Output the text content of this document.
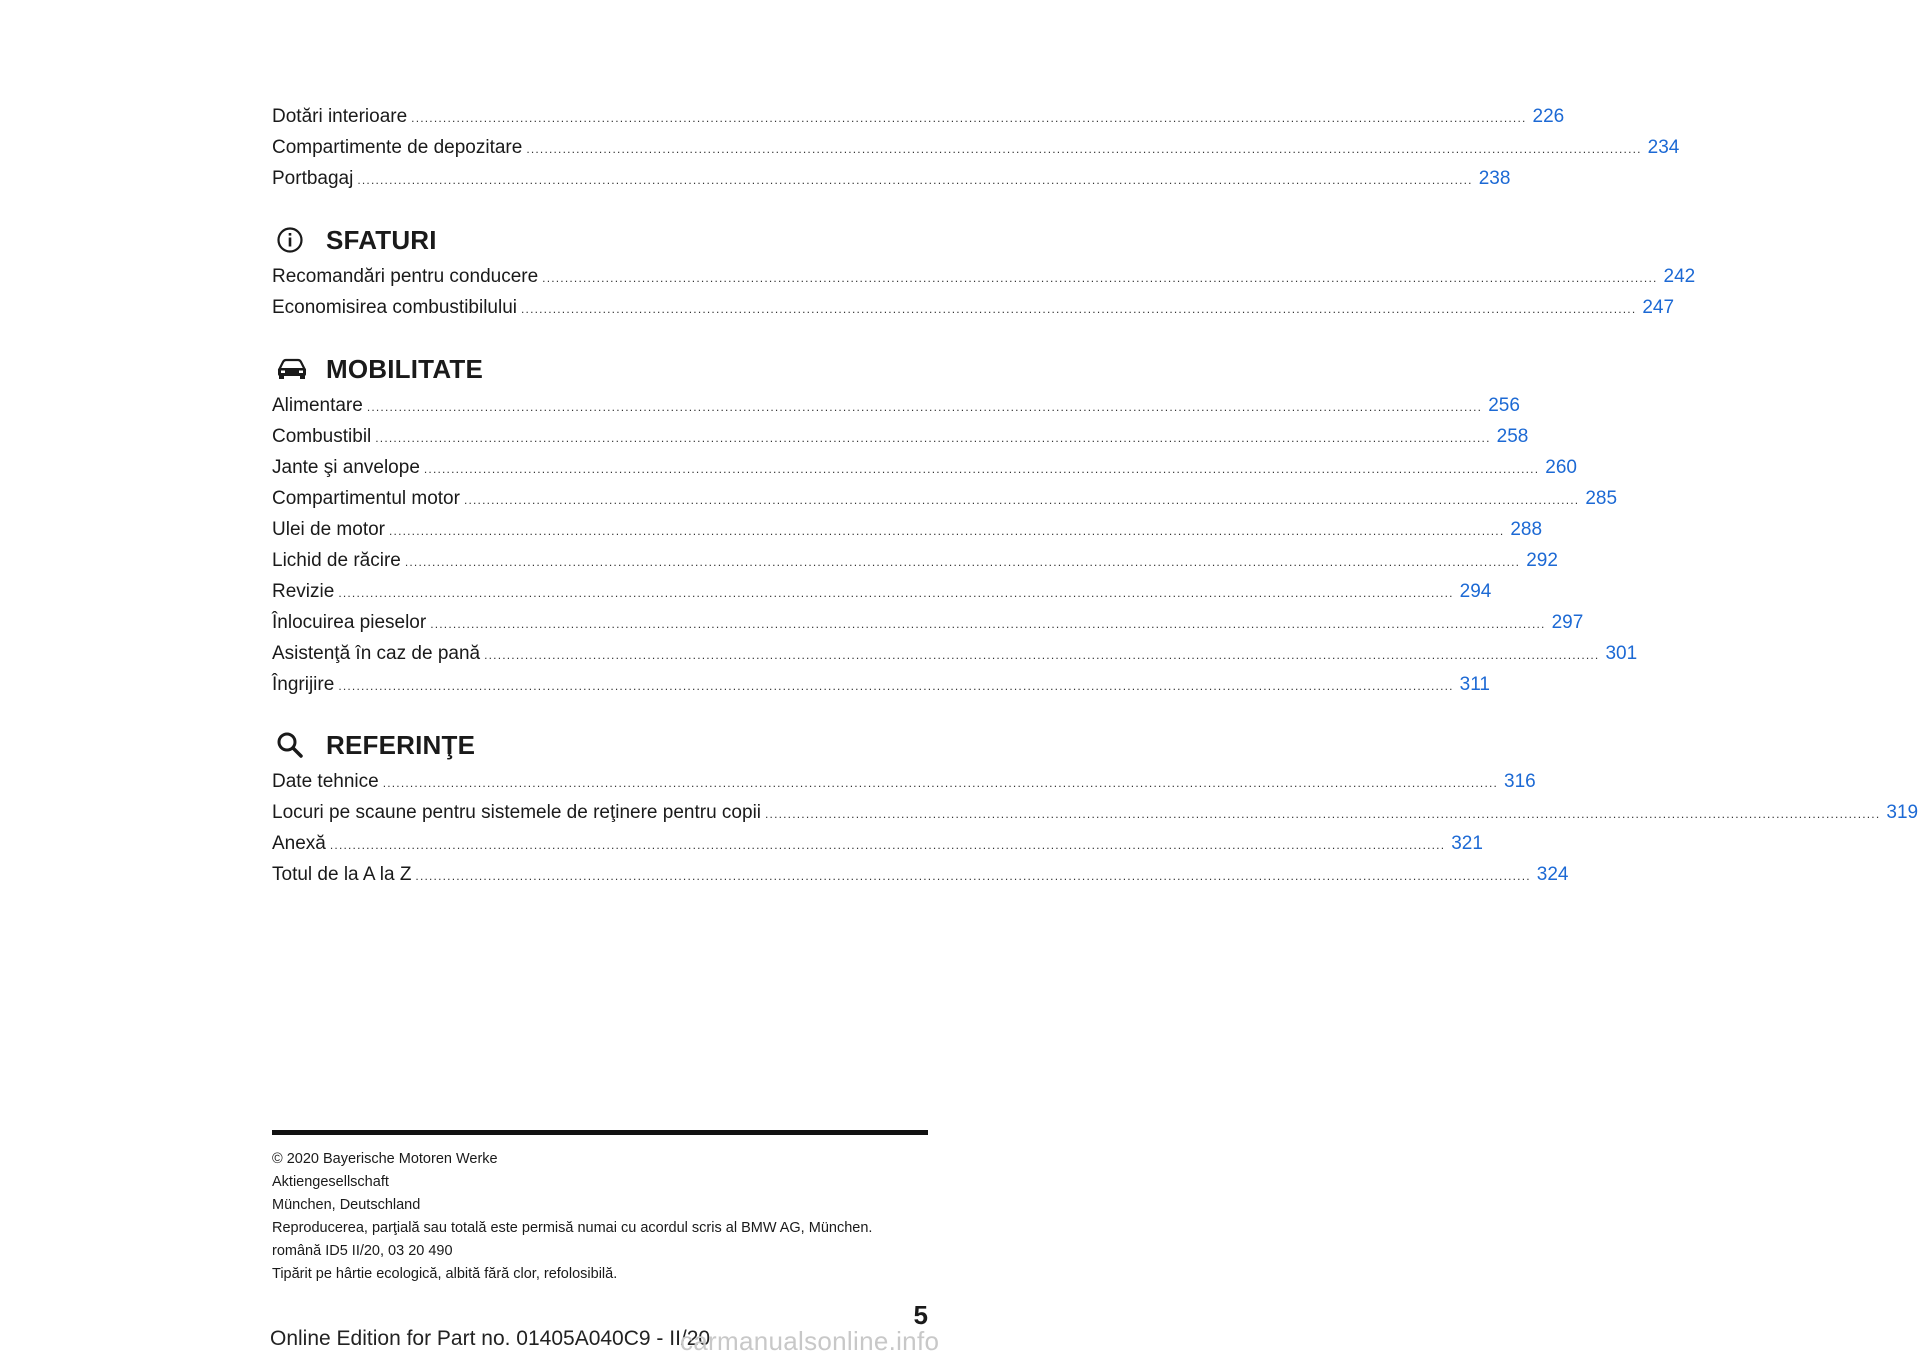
Dotări interioare ...................................................................................................................................................................................................................................................... 226
Compartimente de depozitare ...................................................................................................................................................................................................................................................... 234
Portbagaj ...................................................................................................................................................................................................................................................... 238
SFATURI
Recomandări pentru conducere ...................................................................................................................................................................................................................................................... 242
Economisirea combustibilului ...................................................................................................................................................................................................................................................... 247
MOBILITATE
Alimentare ...................................................................................................................................................................................................................................................... 256
Combustibil ...................................................................................................................................................................................................................................................... 258
Jante şi anvelope ...................................................................................................................................................................................................................................................... 260
Compartimentul motor ...................................................................................................................................................................................................................................................... 285
Ulei de motor ...................................................................................................................................................................................................................................................... 288
Lichid de răcire ...................................................................................................................................................................................................................................................... 292
Revizie ...................................................................................................................................................................................................................................................... 294
Înlocuirea pieselor ...................................................................................................................................................................................................................................................... 297
Asistenţă în caz de pană ...................................................................................................................................................................................................................................................... 301
Îngrijire ...................................................................................................................................................................................................................................................... 311
REFERINŢE
Date tehnice ...................................................................................................................................................................................................................................................... 316
Locuri pe scaune pentru sistemele de reţinere pentru copii ...................................................................................................................................................................................................................................................... 319
Anexă ...................................................................................................................................................................................................................................................... 321
Totul de la A la Z ...................................................................................................................................................................................................................................................... 324
© 2020 Bayerische Motoren Werke
Aktiengesellschaft
München, Deutschland
Reproducerea, parţială sau totală este permisă numai cu acordul scris al BMW AG, München.
română ID5 II/20, 03 20 490
Tipărit pe hârtie ecologică, albită fără clor, refolosibilă.
5
Online Edition for Part no. 01405A040C9 - II/20
carmanualsonline.info
